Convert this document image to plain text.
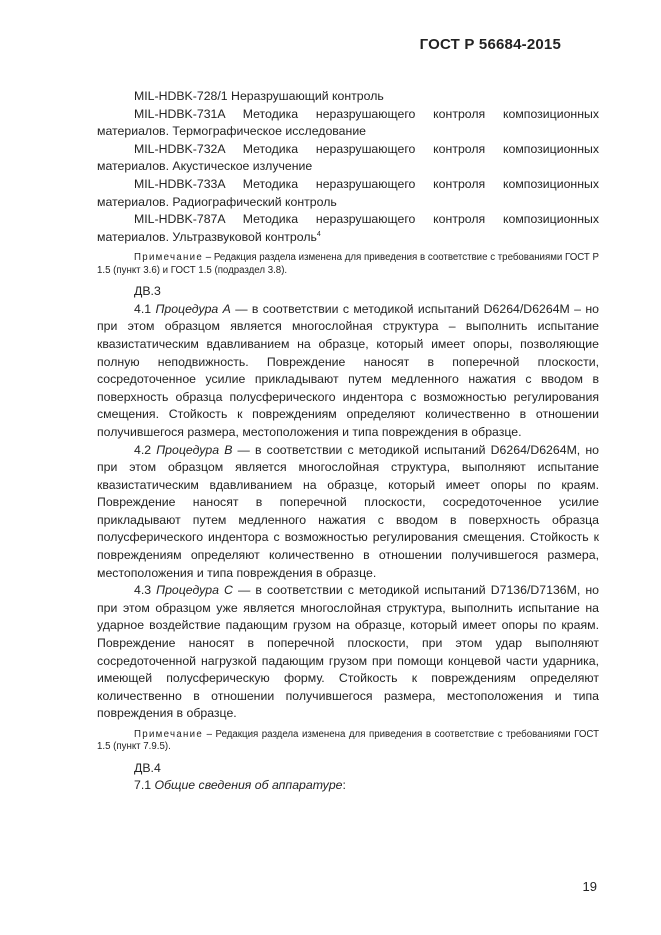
ГОСТ Р 56684-2015

MIL-HDBK-728/1 Неразрушающий контроль

MIL-HDBK-731A Методика неразрушающего контроля композиционных материалов. Термографическое исследование

MIL-HDBK-732A Методика неразрушающего контроля композиционных материалов. Акустическое излучение

MIL-HDBK-733A Методика неразрушающего контроля композиционных материалов. Радиографический контроль

MIL-HDBK-787A Методика неразрушающего контроля композиционных материалов. Ультразвуковой контроль$^4$

Примечание – Редакция раздела изменена для приведения в соответствие с требованиями ГОСТ Р 1.5 (пункт 3.6) и ГОСТ 1.5 (подраздел 3.8).

ДВ.3

4.1 Процедура А — в соответствии с методикой испытаний D6264/D6264M – но при этом образцом является многослойная структура – выполнить испытание квазистатическим вдавливанием на образце, который имеет опоры, позволяющие полную неподвижность. Повреждение наносят в поперечной плоскости, сосредоточенное усилие прикладывают путем медленного нажатия с вводом в поверхность образца полусферического индентора с возможностью регулирования смещения. Стойкость к повреждениям определяют количественно в отношении получившегося размера, местоположения и типа повреждения в образце.

4.2 Процедура В — в соответствии с методикой испытаний D6264/D6264M, но при этом образцом является многослойная структура, выполняют испытание квазистатическим вдавливанием на образце, который имеет опоры по краям. Повреждение наносят в поперечной плоскости, сосредоточенное усилие прикладывают путем медленного нажатия с вводом в поверхность образца полусферического индентора с возможностью регулирования смещения. Стойкость к повреждениям определяют количественно в отношении получившегося размера, местоположения и типа повреждения в образце.

4.3 Процедура С — в соответствии с методикой испытаний D7136/D7136M, но при этом образцом уже является многослойная структура, выполнить испытание на ударное воздействие падающим грузом на образце, который имеет опоры по краям. Повреждение наносят в поперечной плоскости, при этом удар выполняют сосредоточенной нагрузкой падающим грузом при помощи концевой части ударника, имеющей полусферическую форму. Стойкость к повреждениям определяют количественно в отношении получившегося размера, местоположения и типа повреждения в образце.

Примечание – Редакция раздела изменена для приведения в соответствие с требованиями ГОСТ 1.5 (пункт 7.9.5).

ДВ.4

7.1 Общие сведения об аппаратуре:

19
